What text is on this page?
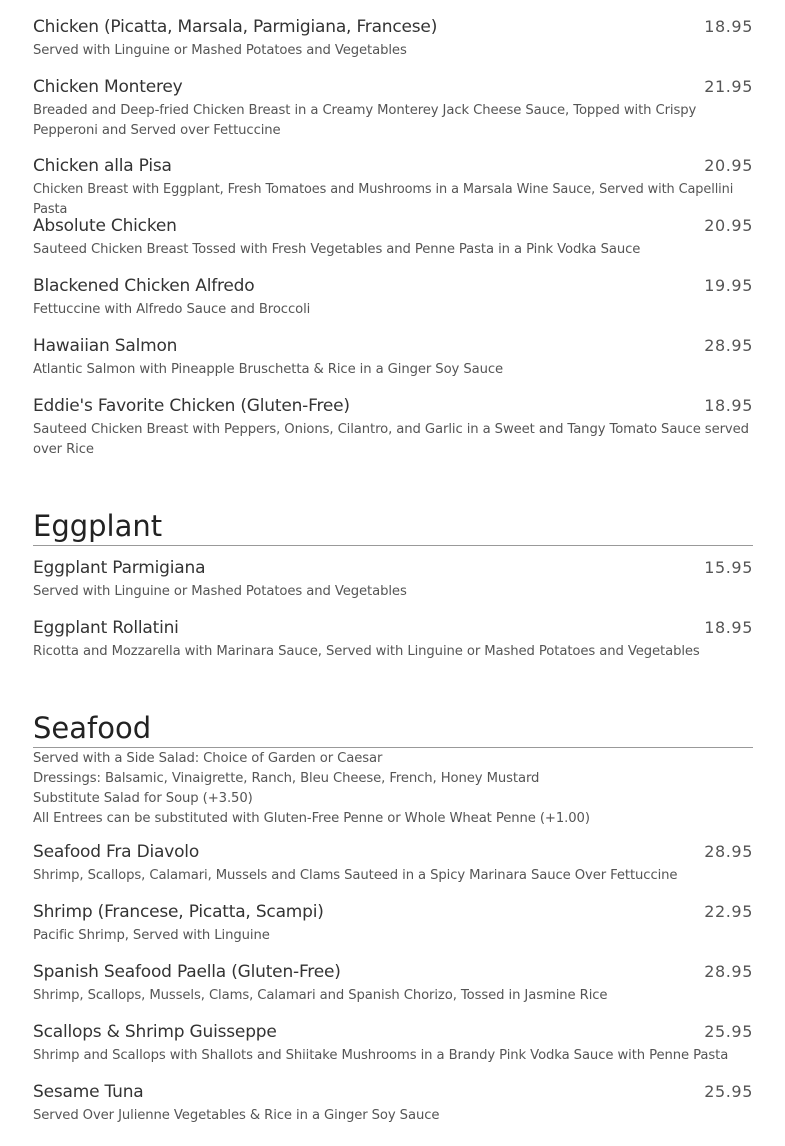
Chicken (Picatta, Marsala, Parmigiana, Francese)	18.95
Served with Linguine or Mashed Potatoes and Vegetables
Chicken Monterey	21.95
Breaded and Deep-fried Chicken Breast in a Creamy Monterey Jack Cheese Sauce, Topped with Crispy Pepperoni and Served over Fettuccine
Chicken alla Pisa	20.95
Chicken Breast with Eggplant, Fresh Tomatoes and Mushrooms in a Marsala Wine Sauce, Served with Capellini Pasta
Absolute Chicken	20.95
Sauteed Chicken Breast Tossed with Fresh Vegetables and Penne Pasta in a Pink Vodka Sauce
Blackened Chicken Alfredo	19.95
Fettuccine with Alfredo Sauce and Broccoli
Hawaiian Salmon	28.95
Atlantic Salmon with Pineapple Bruschetta & Rice in a Ginger Soy Sauce
Eddie's Favorite Chicken (Gluten-Free)	18.95
Sauteed Chicken Breast with Peppers, Onions, Cilantro, and Garlic in a Sweet and Tangy Tomato Sauce served over Rice
Eggplant
Eggplant Parmigiana	15.95
Served with Linguine or Mashed Potatoes and Vegetables
Eggplant Rollatini	18.95
Ricotta and Mozzarella with Marinara Sauce, Served with Linguine or Mashed Potatoes and Vegetables
Seafood
Served with a Side Salad: Choice of Garden or Caesar
Dressings: Balsamic, Vinaigrette, Ranch, Bleu Cheese, French, Honey Mustard
Substitute Salad for Soup (+3.50)
All Entrees can be substituted with Gluten-Free Penne or Whole Wheat Penne (+1.00)
Seafood Fra Diavolo	28.95
Shrimp, Scallops, Calamari, Mussels and Clams Sauteed in a Spicy Marinara Sauce Over Fettuccine
Shrimp (Francese, Picatta, Scampi)	22.95
Pacific Shrimp, Served with Linguine
Spanish Seafood Paella (Gluten-Free)	28.95
Shrimp, Scallops, Mussels, Clams, Calamari and Spanish Chorizo, Tossed in Jasmine Rice
Scallops & Shrimp Guisseppe	25.95
Shrimp and Scallops with Shallots and Shiitake Mushrooms in a Brandy Pink Vodka Sauce with Penne Pasta
Sesame Tuna	25.95
Served Over Julienne Vegetables & Rice in a Ginger Soy Sauce
